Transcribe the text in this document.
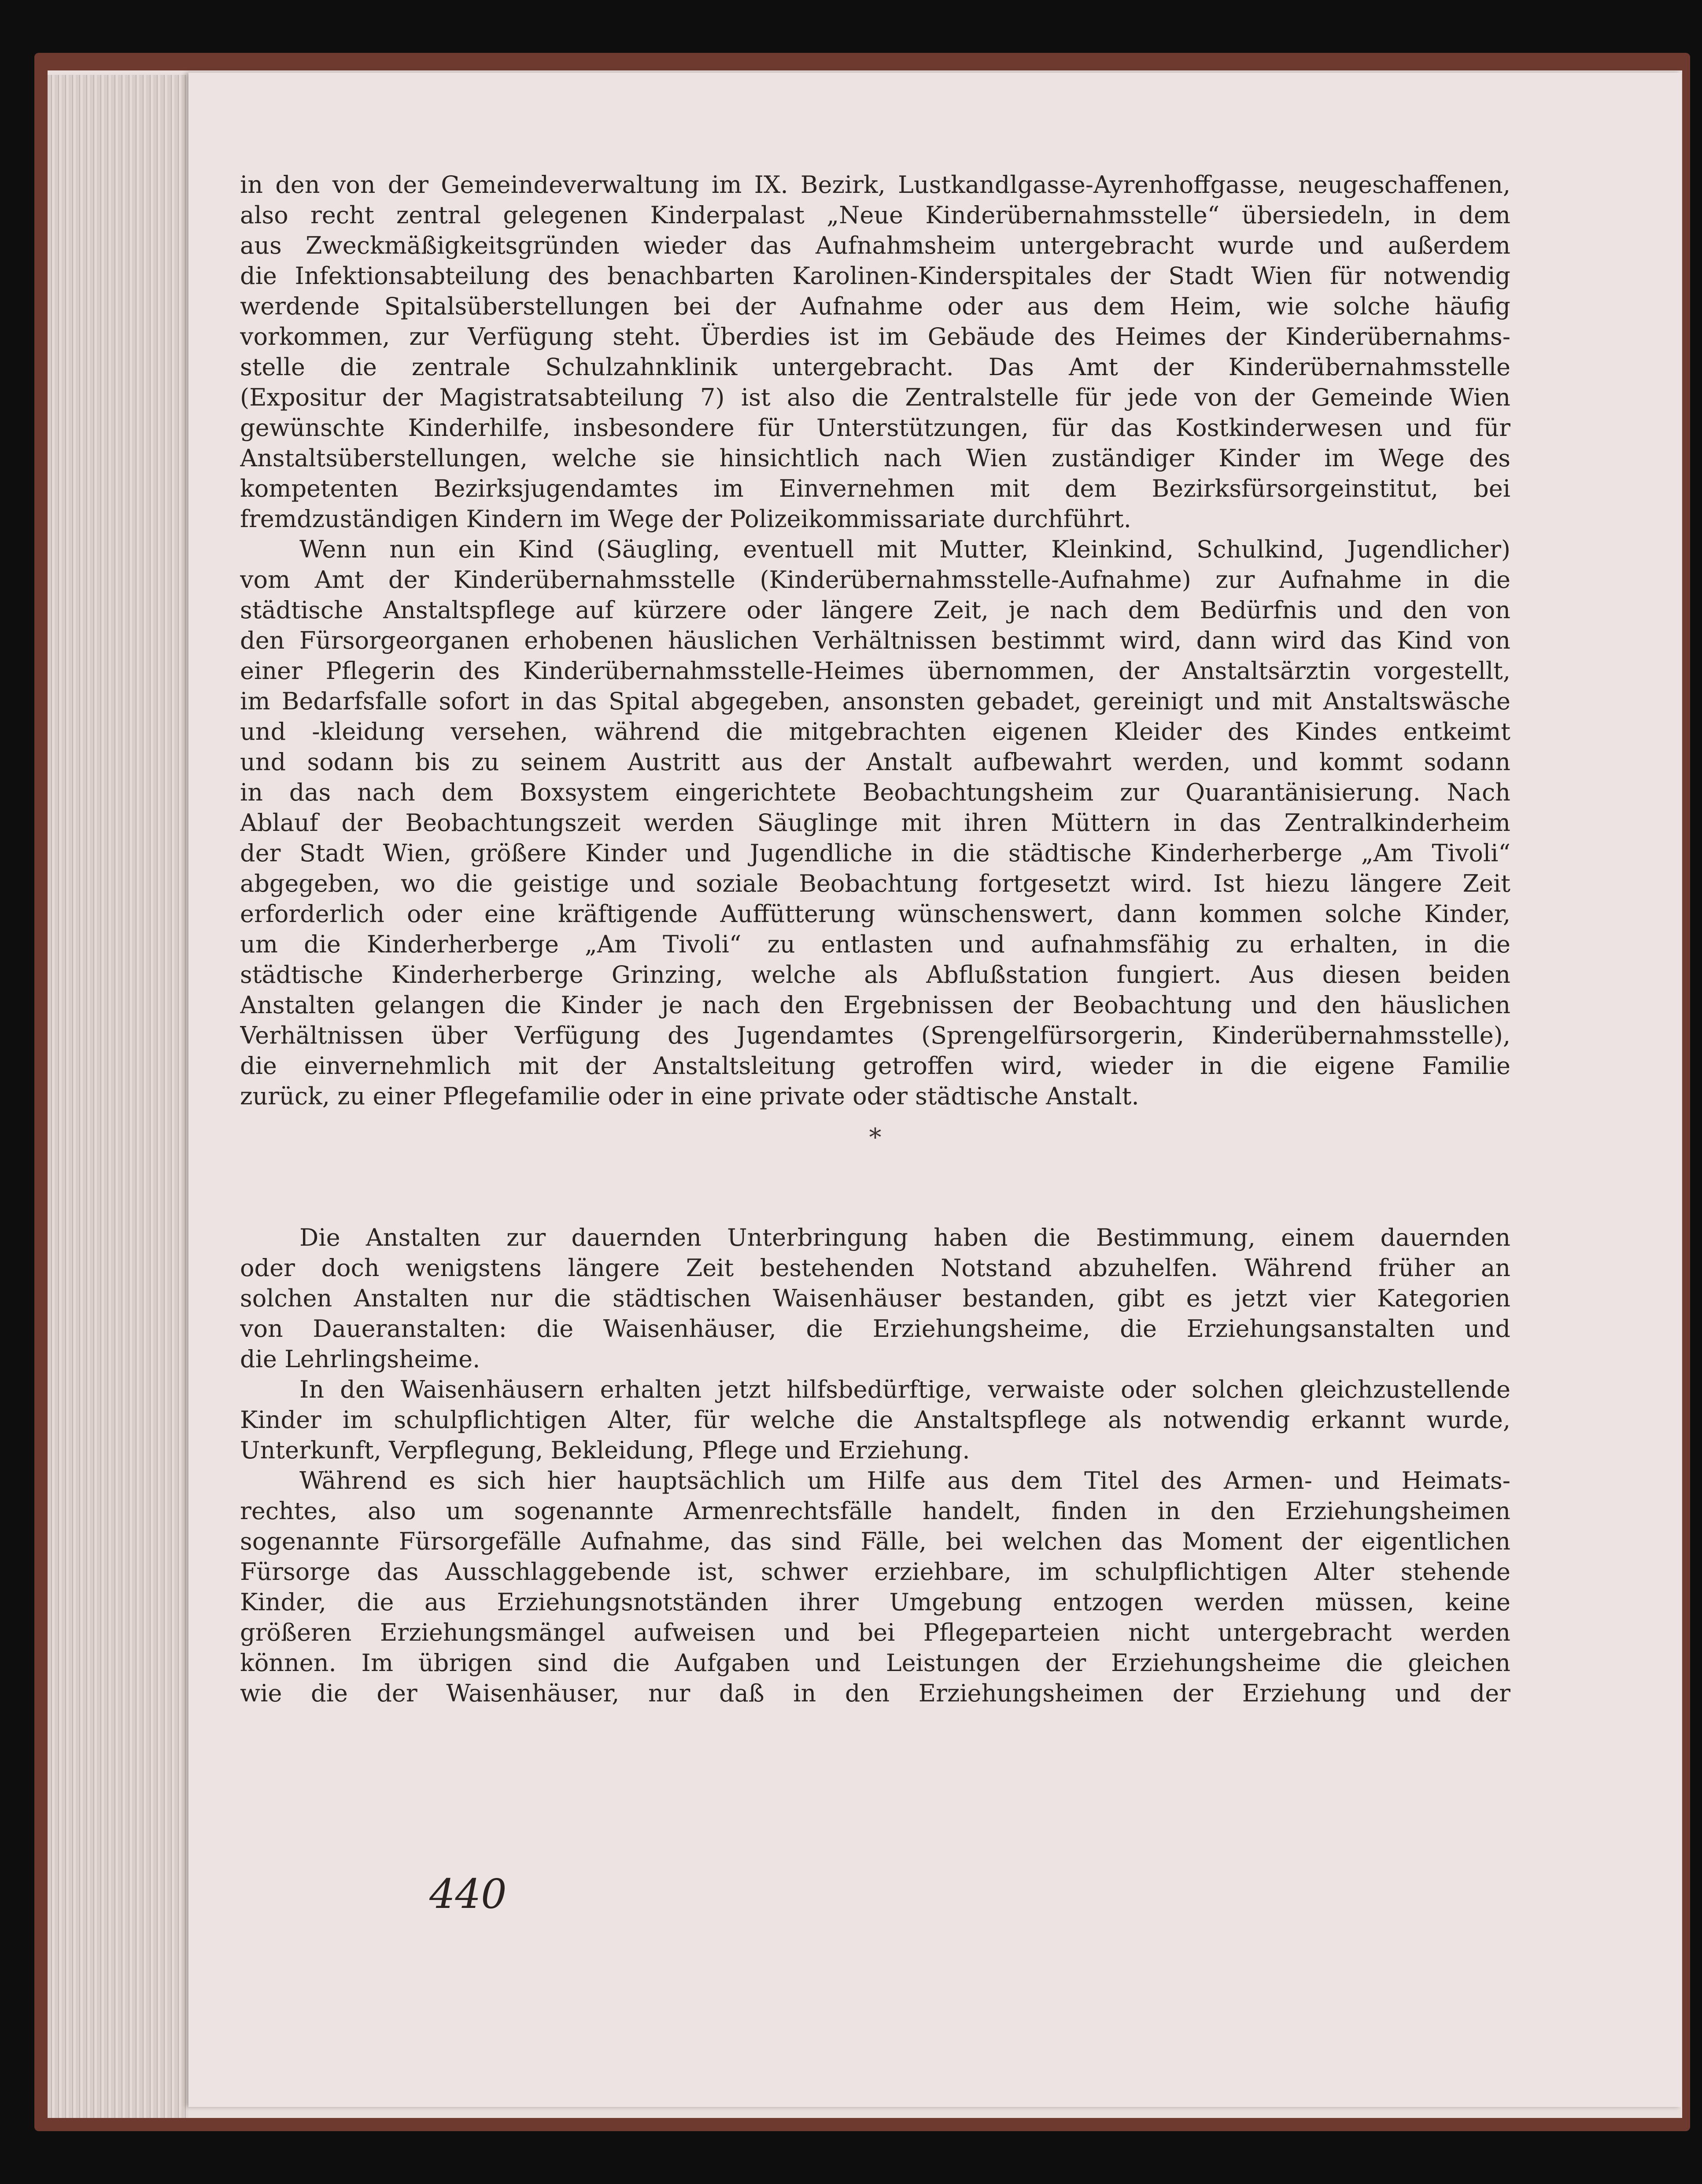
in den von der Gemeindeverwaltung im IX. Bezirk, Lustkandlgasse-Ayrenhoffgasse, neugeschaffenen,
also recht zentral gelegenen Kinderpalast „Neue Kinderübernahmsstelle“ übersiedeln, in dem
aus Zweckmäßigkeitsgründen wieder das Aufnahmsheim untergebracht wurde und außerdem
die Infektionsabteilung des benachbarten Karolinen-Kinderspitales der Stadt Wien für notwendig
werdende Spitalsüberstellungen bei der Aufnahme oder aus dem Heim, wie solche häufig
vorkommen, zur Verfügung steht. Überdies ist im Gebäude des Heimes der Kinderübernahms-
stelle die zentrale Schulzahnklinik untergebracht. Das Amt der Kinderübernahmsstelle
(Expositur der Magistratsabteilung 7) ist also die Zentralstelle für jede von der Gemeinde Wien
gewünschte Kinderhilfe, insbesondere für Unterstützungen, für das Kostkinderwesen und für
Anstaltsüberstellungen, welche sie hinsichtlich nach Wien zuständiger Kinder im Wege des
kompetenten Bezirksjugendamtes im Einvernehmen mit dem Bezirksfürsorgeinstitut, bei
fremdzuständigen Kindern im Wege der Polizeikommissariate durchführt.
Wenn nun ein Kind (Säugling, eventuell mit Mutter, Kleinkind, Schulkind, Jugendlicher)
vom Amt der Kinderübernahmsstelle (Kinderübernahmsstelle-Aufnahme) zur Aufnahme in die
städtische Anstaltspflege auf kürzere oder längere Zeit, je nach dem Bedürfnis und den von
den Fürsorgeorganen erhobenen häuslichen Verhältnissen bestimmt wird, dann wird das Kind von
einer Pflegerin des Kinderübernahmsstelle-Heimes übernommen, der Anstaltsärztin vorgestellt,
im Bedarfsfalle sofort in das Spital abgegeben, ansonsten gebadet, gereinigt und mit Anstaltswäsche
und -kleidung versehen, während die mitgebrachten eigenen Kleider des Kindes entkeimt
und sodann bis zu seinem Austritt aus der Anstalt aufbewahrt werden, und kommt sodann
in das nach dem Boxsystem eingerichtete Beobachtungsheim zur Quarantänisierung. Nach
Ablauf der Beobachtungszeit werden Säuglinge mit ihren Müttern in das Zentralkinderheim
der Stadt Wien, größere Kinder und Jugendliche in die städtische Kinderherberge „Am Tivoli“
abgegeben, wo die geistige und soziale Beobachtung fortgesetzt wird. Ist hiezu längere Zeit
erforderlich oder eine kräftigende Auffütterung wünschenswert, dann kommen solche Kinder,
um die Kinderherberge „Am Tivoli“ zu entlasten und aufnahmsfähig zu erhalten, in die
städtische Kinderherberge Grinzing, welche als Abflußstation fungiert. Aus diesen beiden
Anstalten gelangen die Kinder je nach den Ergebnissen der Beobachtung und den häuslichen
Verhältnissen über Verfügung des Jugendamtes (Sprengelfürsorgerin, Kinderübernahmsstelle),
die einvernehmlich mit der Anstaltsleitung getroffen wird, wieder in die eigene Familie
zurück, zu einer Pflegefamilie oder in eine private oder städtische Anstalt.
*
Die Anstalten zur dauernden Unterbringung haben die Bestimmung, einem dauernden
oder doch wenigstens längere Zeit bestehenden Notstand abzuhelfen. Während früher an
solchen Anstalten nur die städtischen Waisenhäuser bestanden, gibt es jetzt vier Kategorien
von Daueranstalten: die Waisenhäuser, die Erziehungsheime, die Erziehungsanstalten und
die Lehrlingsheime.
In den Waisenhäusern erhalten jetzt hilfsbedürftige, verwaiste oder solchen gleichzustellende
Kinder im schulpflichtigen Alter, für welche die Anstaltspflege als notwendig erkannt wurde,
Unterkunft, Verpflegung, Bekleidung, Pflege und Erziehung.
Während es sich hier hauptsächlich um Hilfe aus dem Titel des Armen- und Heimats-
rechtes, also um sogenannte Armenrechtsfälle handelt, finden in den Erziehungsheimen
sogenannte Fürsorgefälle Aufnahme, das sind Fälle, bei welchen das Moment der eigentlichen
Fürsorge das Ausschlaggebende ist, schwer erziehbare, im schulpflichtigen Alter stehende
Kinder, die aus Erziehungsnotständen ihrer Umgebung entzogen werden müssen, keine
größeren Erziehungsmängel aufweisen und bei Pflegeparteien nicht untergebracht werden
können. Im übrigen sind die Aufgaben und Leistungen der Erziehungsheime die gleichen
wie die der Waisenhäuser, nur daß in den Erziehungsheimen der Erziehung und der
440
